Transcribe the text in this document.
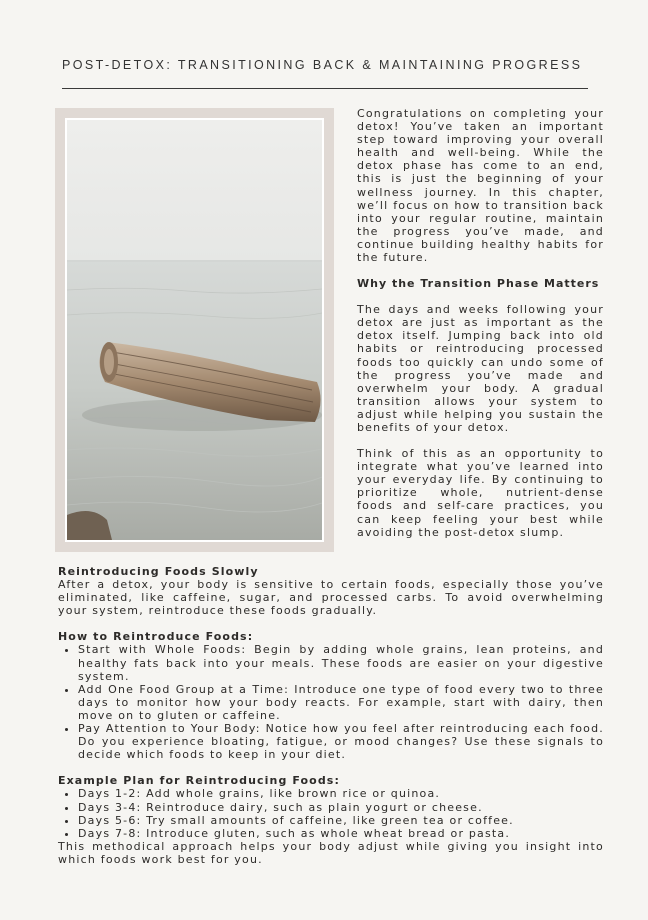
POST-DETOX: TRANSITIONING BACK & MAINTAINING PROGRESS

Congratulations on completing your detox! You’ve taken an important step toward improving your overall health and well-being. While the detox phase has come to an end, this is just the beginning of your wellness journey. In this chapter, we’ll focus on how to transition back into your regular routine, maintain the progress you’ve made, and continue building healthy habits for the future.

Why the Transition Phase Matters

The days and weeks following your detox are just as important as the detox itself. Jumping back into old habits or reintroducing processed foods too quickly can undo some of the progress you’ve made and overwhelm your body. A gradual transition allows your system to adjust while helping you sustain the benefits of your detox.

Think of this as an opportunity to integrate what you’ve learned into your everyday life. By continuing to prioritize whole, nutrient-dense foods and self-care practices, you can keep feeling your best while avoiding the post-detox slump.

Reintroducing Foods Slowly

After a detox, your body is sensitive to certain foods, especially those you’ve eliminated, like caffeine, sugar, and processed carbs. To avoid overwhelming your system, reintroduce these foods gradually.

How to Reintroduce Foods:
• Start with Whole Foods: Begin by adding whole grains, lean proteins, and healthy fats back into your meals. These foods are easier on your digestive system.
• Add One Food Group at a Time: Introduce one type of food every two to three days to monitor how your body reacts. For example, start with dairy, then move on to gluten or caffeine.
• Pay Attention to Your Body: Notice how you feel after reintroducing each food. Do you experience bloating, fatigue, or mood changes? Use these signals to decide which foods to keep in your diet.
Example Plan for Reintroducing Foods:
• Days 1-2: Add whole grains, like brown rice or quinoa.
• Days 3-4: Reintroduce dairy, such as plain yogurt or cheese.
• Days 5-6: Try small amounts of caffeine, like green tea or coffee.
• Days 7-8: Introduce gluten, such as whole wheat bread or pasta.

This methodical approach helps your body adjust while giving you insight into which foods work best for you.
